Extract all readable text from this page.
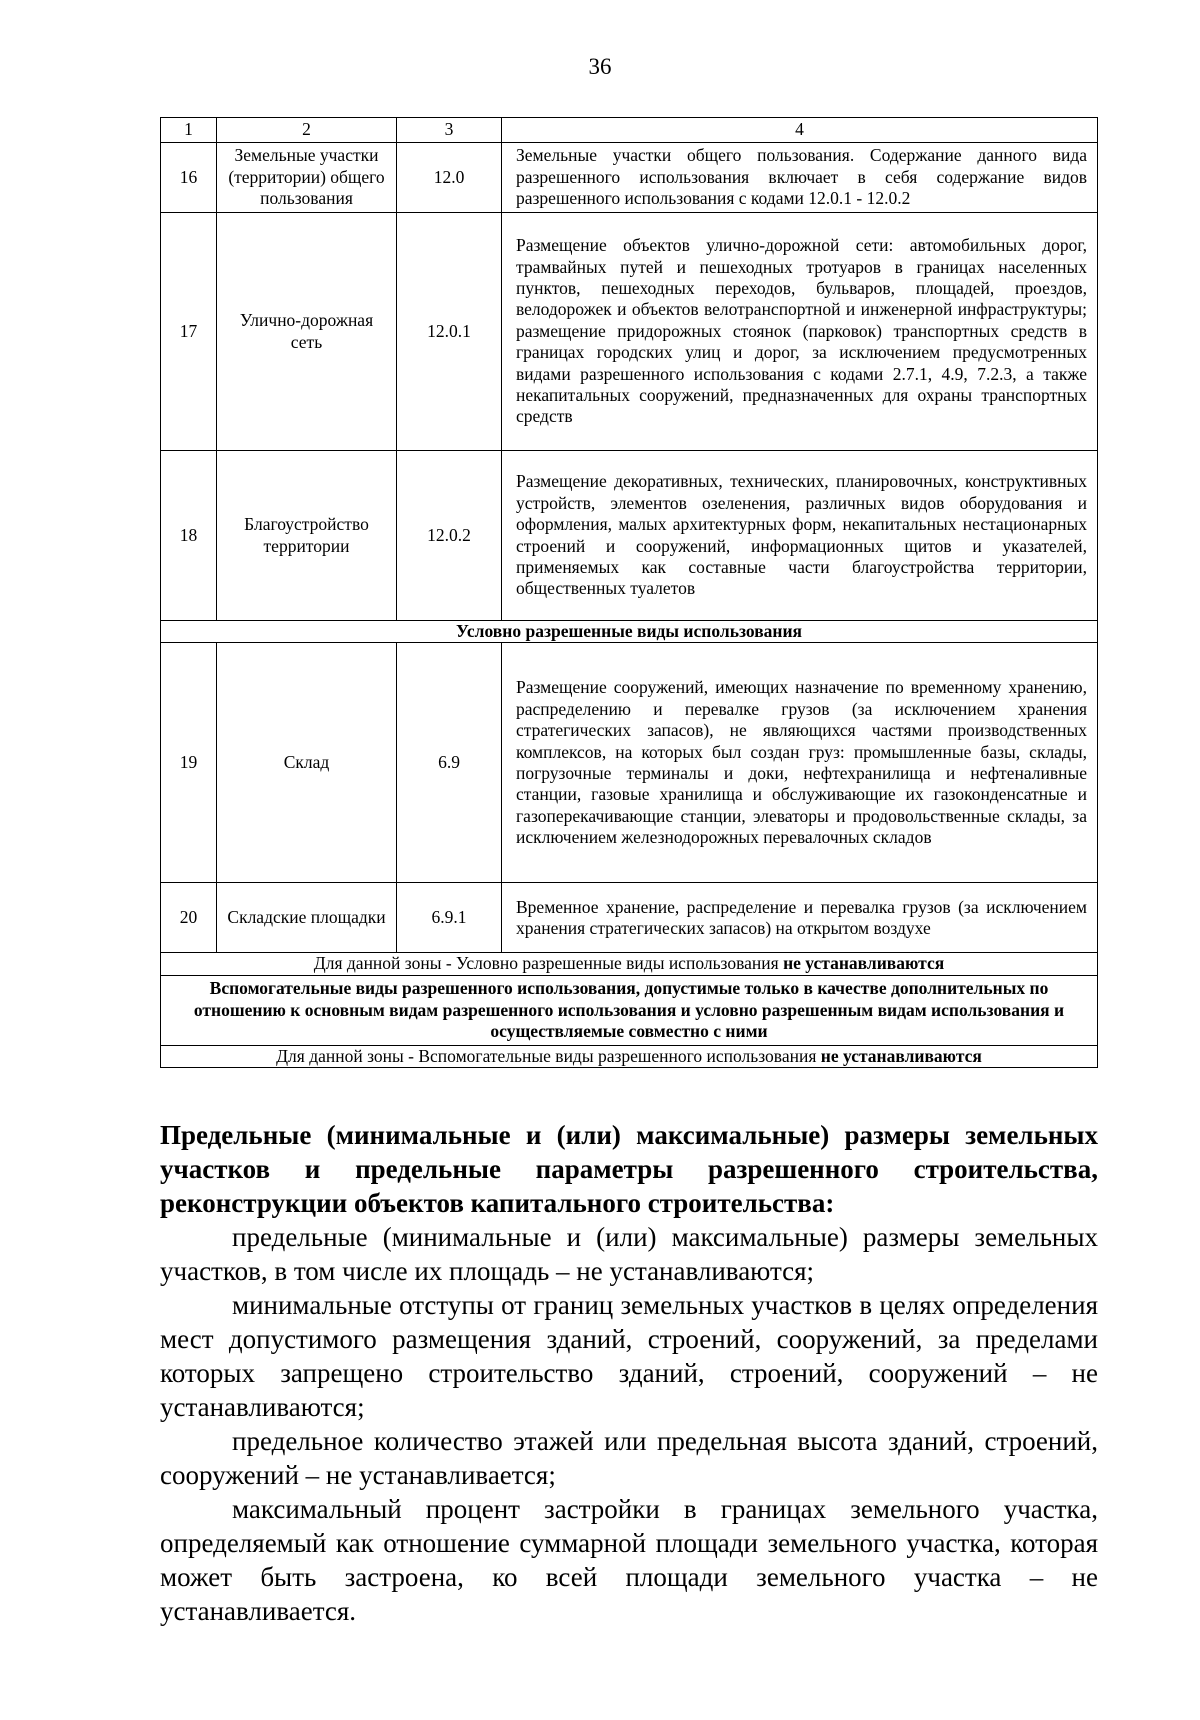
36
1	2	3	4
16	Земельные участки (территории) общего пользования	12.0	Земельные участки общего пользования. Содержание данного вида разрешенного использования включает в себя содержание видов разрешенного использования с кодами 12.0.1 - 12.0.2
17	Улично-дорожная сеть	12.0.1	Размещение объектов улично-дорожной сети: автомобильных дорог, трамвайных путей и пешеходных тротуаров в границах населенных пунктов, пешеходных переходов, бульваров, площадей, проездов, велодорожек и объектов велотранспортной и инженерной инфраструктуры; размещение придорожных стоянок (парковок) транспортных средств в границах городских улиц и дорог, за исключением предусмотренных видами разрешенного использования с кодами 2.7.1, 4.9, 7.2.3, а также некапитальных сооружений, предназначенных для охраны транспортных средств
18	Благоустройство территории	12.0.2	Размещение декоративных, технических, планировочных, конструктивных устройств, элементов озеленения, различных видов оборудования и оформления, малых архитектурных форм, некапитальных нестационарных строений и сооружений, информационных щитов и указателей, применяемых как составные части благоустройства территории, общественных туалетов
Условно разрешенные виды использования			
19	Склад	6.9	Размещение сооружений, имеющих назначение по временному хранению, распределению и перевалке грузов (за исключением хранения стратегических запасов), не являющихся частями производственных комплексов, на которых был создан груз: промышленные базы, склады, погрузочные терминалы и доки, нефтехранилища и нефтеналивные станции, газовые хранилища и обслуживающие их газоконденсатные и газоперекачивающие станции, элеваторы и продовольственные склады, за исключением железнодорожных перевалочных складов
20	Складские площадки	6.9.1	Временное хранение, распределение и перевалка грузов (за исключением хранения стратегических запасов) на открытом воздухе
Для данной зоны - Условно разрешенные виды использования не устанавливаются			
Вспомогательные виды разрешенного использования, допустимые только в качестве дополнительных по отношению к основным видам разрешенного использования и условно разрешенным видам использования и осуществляемые совместно с ними			
Для данной зоны - Вспомогательные виды разрешенного использования не устанавливаются			

Предельные (минимальные и (или) максимальные) размеры земельных участков и предельные параметры разрешенного строительства, реконструкции объектов капитального строительства:

предельные (минимальные и (или) максимальные) размеры земельных участков, в том числе их площадь – не устанавливаются;

минимальные отступы от границ земельных участков в целях определения мест допустимого размещения зданий, строений, сооружений, за пределами которых запрещено строительство зданий, строений, сооружений – не устанавливаются;

предельное количество этажей или предельная высота зданий, строений, сооружений – не устанавливается;

максимальный процент застройки в границах земельного участка, определяемый как отношение суммарной площади земельного участка, которая может быть застроена, ко всей площади земельного участка – не устанавливается.
